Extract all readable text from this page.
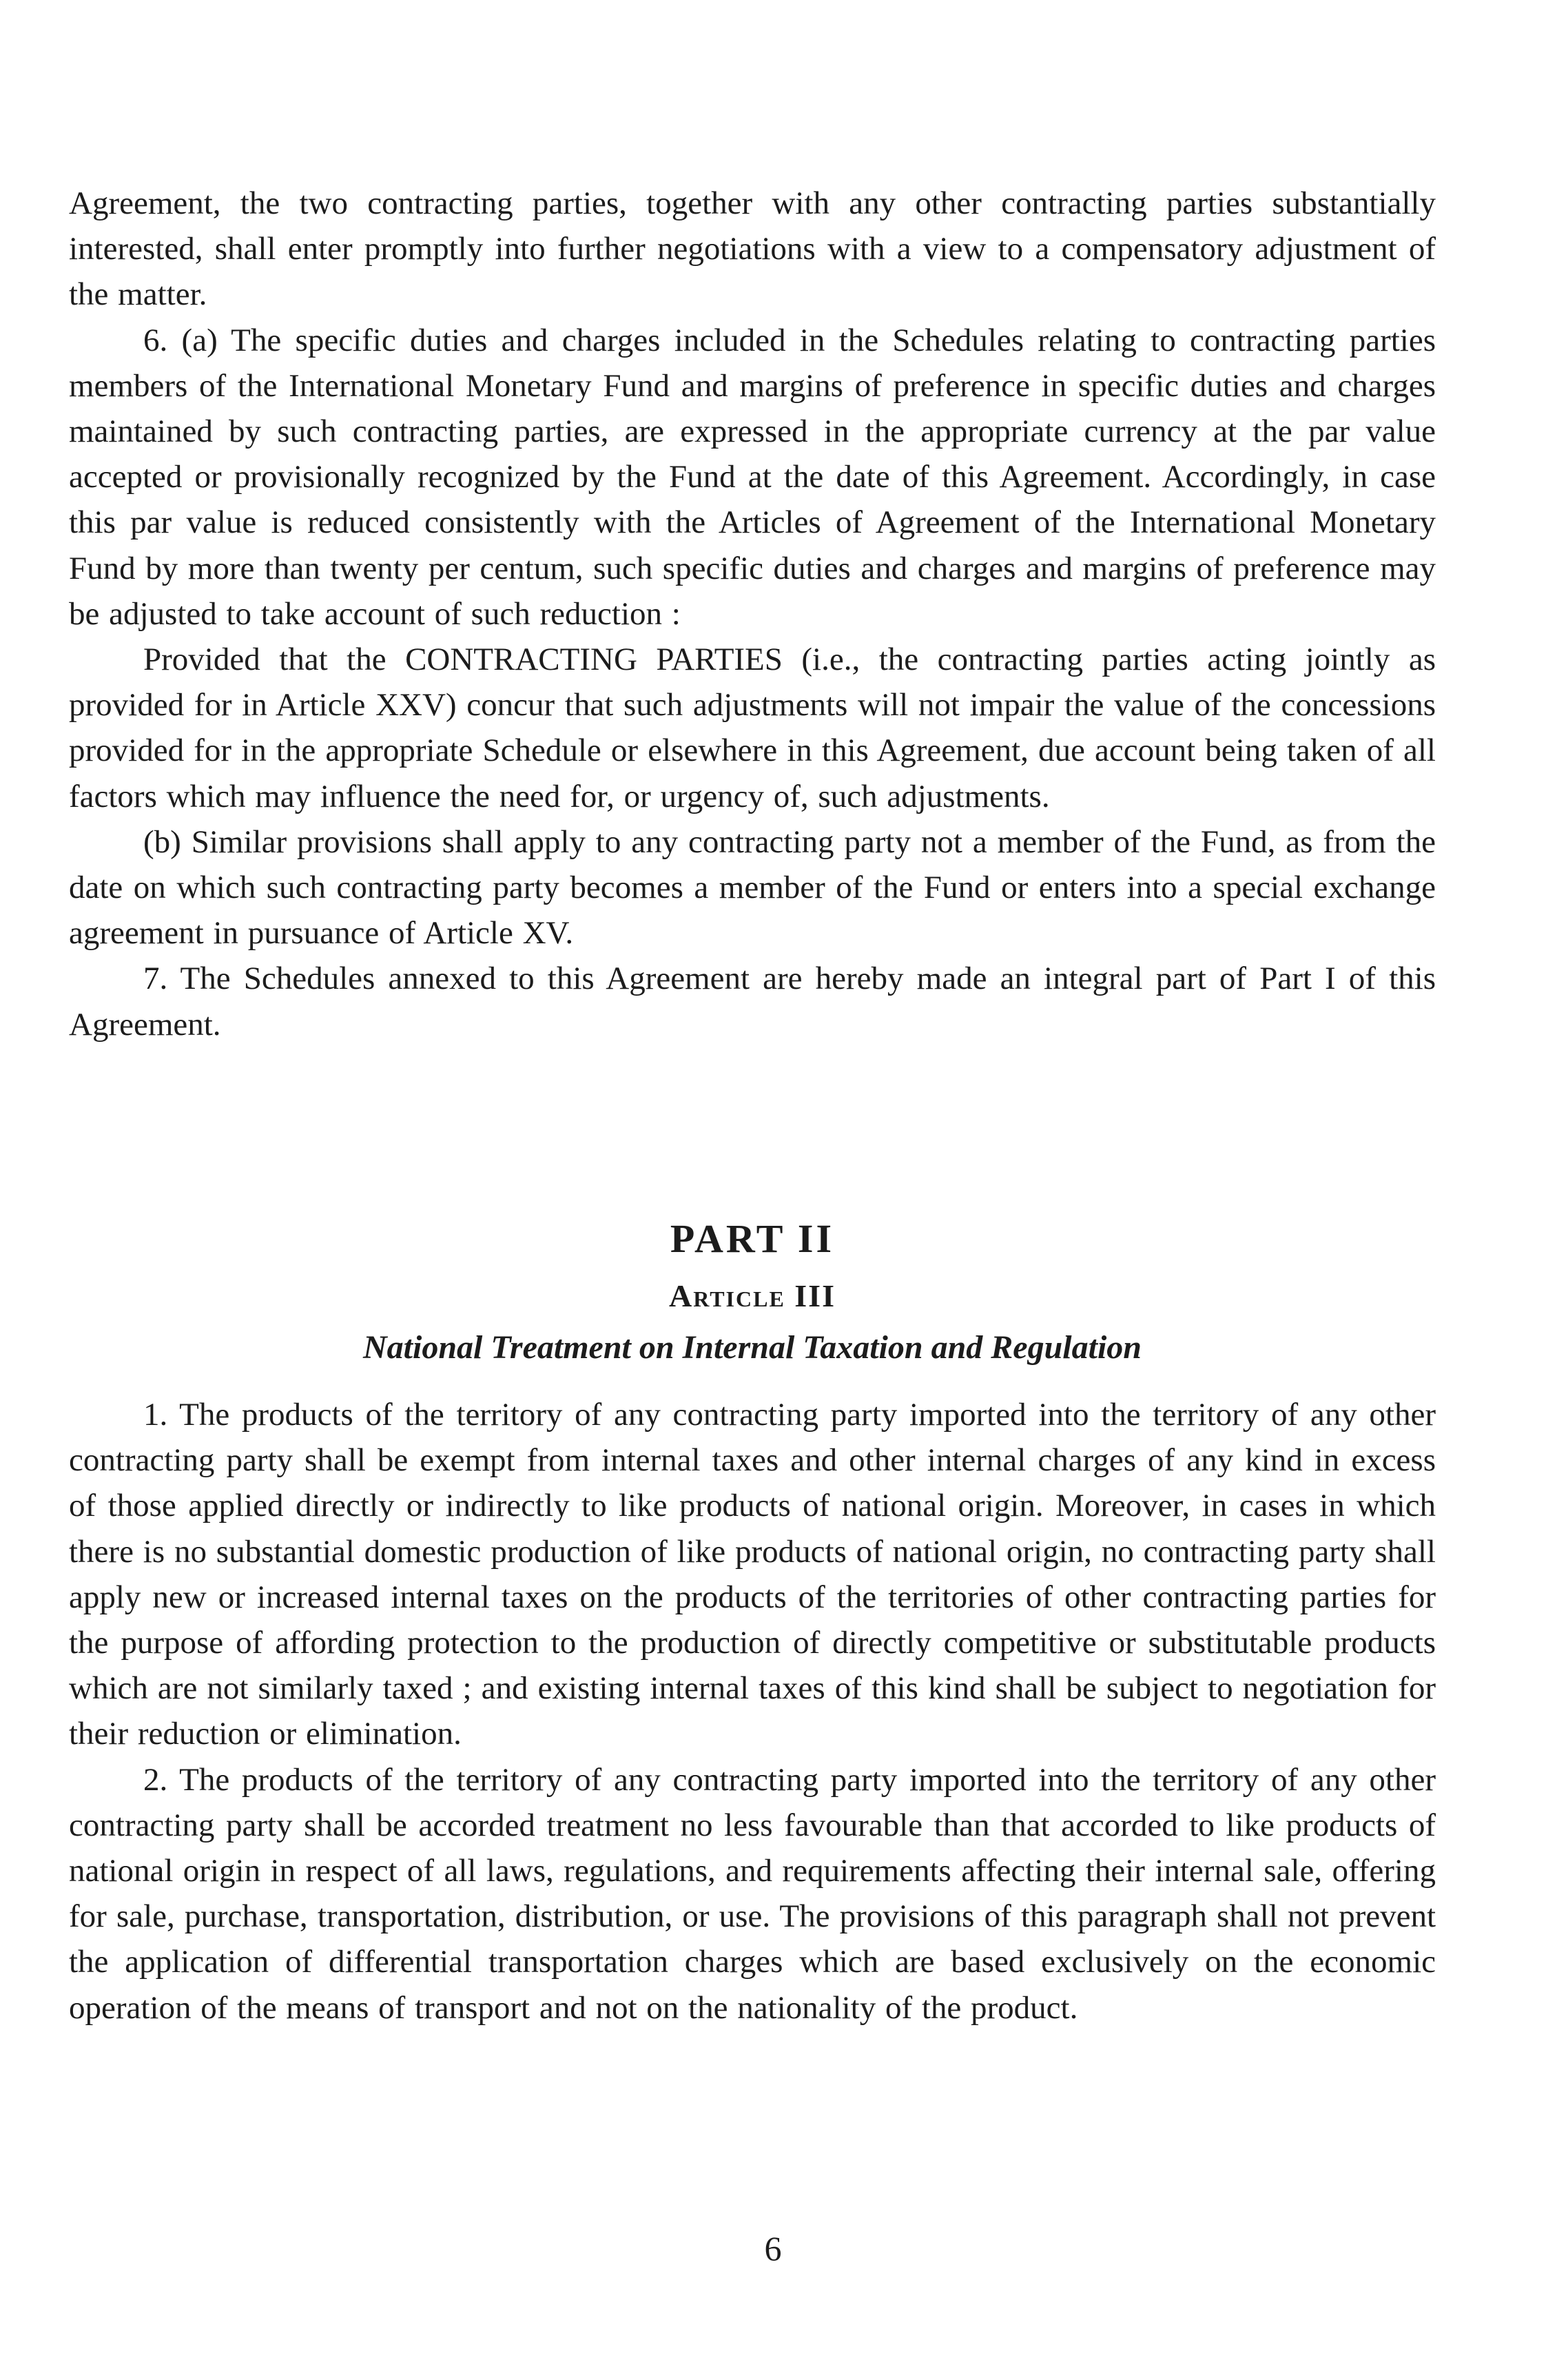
Agreement, the two contracting parties, together with any other contracting parties substantially interested, shall enter promptly into further negotiations with a view to a compensatory adjustment of the matter.

6. (a) The specific duties and charges included in the Schedules relating to contracting parties members of the International Monetary Fund and margins of preference in specific duties and charges maintained by such contracting parties, are expressed in the appropriate currency at the par value accepted or provisionally recognized by the Fund at the date of this Agreement. Accordingly, in case this par value is reduced consistently with the Articles of Agreement of the International Monetary Fund by more than twenty per centum, such specific duties and charges and margins of preference may be adjusted to take account of such reduction :

Provided that the CONTRACTING PARTIES (i.e., the contracting parties acting jointly as provided for in Article XXV) concur that such adjustments will not impair the value of the concessions provided for in the appropriate Schedule or elsewhere in this Agreement, due account being taken of all factors which may influence the need for, or urgency of, such adjustments.

(b) Similar provisions shall apply to any contracting party not a member of the Fund, as from the date on which such contracting party becomes a member of the Fund or enters into a special exchange agreement in pursuance of Article XV.

7. The Schedules annexed to this Agreement are hereby made an integral part of Part I of this Agreement.

PART II
Article III
National Treatment on Internal Taxation and Regulation

1. The products of the territory of any contracting party imported into the territory of any other contracting party shall be exempt from internal taxes and other internal charges of any kind in excess of those applied directly or indirectly to like products of national origin. Moreover, in cases in which there is no substantial domestic production of like products of national origin, no contracting party shall apply new or increased internal taxes on the products of the territories of other contracting parties for the purpose of affording protection to the production of directly competitive or substitutable products which are not similarly taxed ; and existing internal taxes of this kind shall be subject to negotiation for their reduction or elimination.

2. The products of the territory of any contracting party imported into the territory of any other contracting party shall be accorded treatment no less favourable than that accorded to like products of national origin in respect of all laws, regulations, and requirements affecting their internal sale, offering for sale, purchase, transportation, distribution, or use. The provisions of this paragraph shall not prevent the application of differential transportation charges which are based exclusively on the economic operation of the means of transport and not on the nationality of the product.

6
